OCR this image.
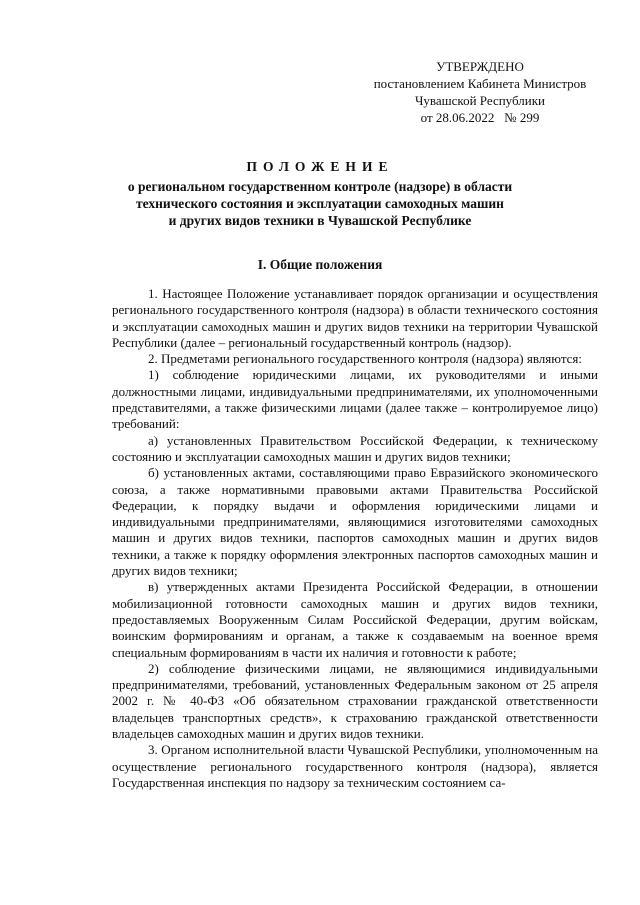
УТВЕРЖДЕНО
постановлением Кабинета Министров
Чувашской Республики
от 28.06.2022   № 299
ПОЛОЖЕНИЕ
о региональном государственном контроле (надзоре) в области
технического состояния и эксплуатации самоходных машин
и других видов техники в Чувашской Республике
I. Общие положения

1. Настоящее Положение устанавливает порядок организации и осуществления регионального государственного контроля (надзора) в области технического состояния и эксплуатации самоходных машин и других видов техники на территории Чувашской Республики (далее – региональный государственный контроль (надзор).

2. Предметами регионального государственного контроля (надзора) являются:

1) соблюдение юридическими лицами, их руководителями и иными должностными лицами, индивидуальными предпринимателями, их уполномоченными представителями, а также физическими лицами (далее также – контролируемое лицо) требований:

а) установленных Правительством Российской Федерации, к техническому состоянию и эксплуатации самоходных машин и других видов техники;

б) установленных актами, составляющими право Евразийского экономического союза, а также нормативными правовыми актами Правительства Российской Федерации, к порядку выдачи и оформления юридическими лицами и индивидуальными предпринимателями, являющимися изготовителями самоходных машин и других видов техники, паспортов самоходных машин и других видов техники, а также к порядку оформления электронных паспортов самоходных машин и других видов техники;

в) утвержденных актами Президента Российской Федерации, в отношении мобилизационной готовности самоходных машин и других видов техники, предоставляемых Вооруженным Силам Российской Федерации, другим войскам, воинским формированиям и органам, а также к создаваемым на военное время специальным формированиям в части их наличия и готовности к работе;

2) соблюдение физическими лицами, не являющимися индивидуальными предпринимателями, требований, установленных Федеральным законом от 25 апреля 2002 г. № 40-ФЗ «Об обязательном страховании гражданской ответственности владельцев транспортных средств», к страхованию гражданской ответственности владельцев самоходных машин и других видов техники.

3. Органом исполнительной власти Чувашской Республики, уполномоченным на осуществление регионального государственного контроля (надзора), является Государственная инспекция по надзору за техническим состоянием са-
